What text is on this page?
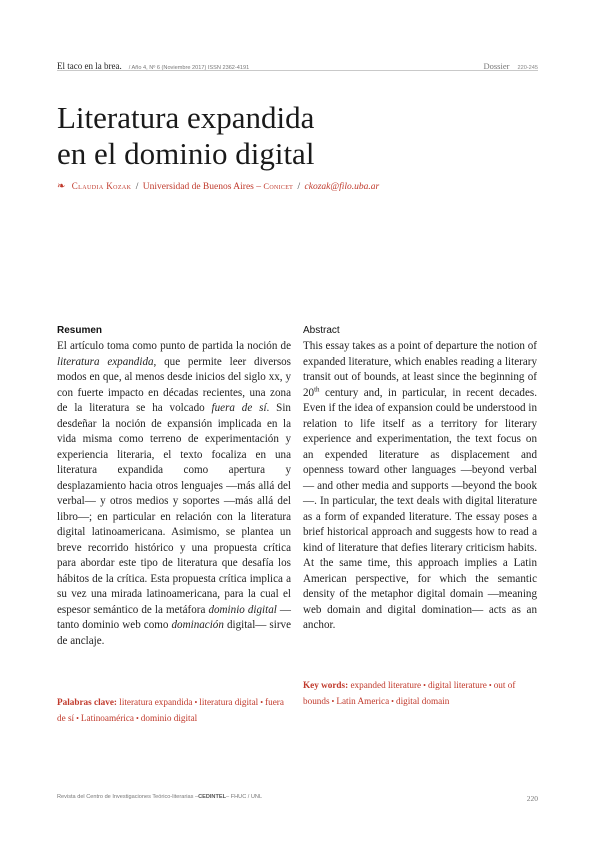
El taco en la brea. / Año 4, Nº 6 (Noviembre 2017) ISSN 2362-4191	Dossier 220-245
Literatura expandida
en el dominio digital
❧ Claudia Kozak / Universidad de Buenos Aires – Conicet / ckozak@filo.uba.ar
Resumen

El artículo toma como punto de partida la noción de literatura expandida, que permite leer diversos modos en que, al menos desde inicios del siglo xx, y con fuerte impacto en décadas recientes, una zona de la literatura se ha volcado fuera de sí. Sin desdeñar la noción de expansión implicada en la vida misma como terreno de experimentación y experiencia literaria, el texto focaliza en una literatura expandida como apertura y desplazamiento hacia otros lenguajes —más allá del verbal— y otros medios y soportes —más allá del libro—; en particular en relación con la literatura digital latinoamericana. Asimismo, se plantea un breve recorrido histórico y una propuesta crítica para abordar este tipo de literatura que desafía los hábitos de la crítica. Esta propuesta crítica implica a su vez una mirada latinoamericana, para la cual el espesor semántico de la metáfora dominio digital —tanto dominio web como dominación digital— sirve de anclaje.

Abstract

This essay takes as a point of departure the notion of expanded literature, which enables reading a literary transit out of bounds, at least since the beginning of 20th century and, in particular, in recent decades. Even if the idea of expansion could be understood in relation to life itself as a territory for literary experience and experimentation, the text focus on an expended literature as displacement and openness toward other languages —beyond verbal— and other media and supports —beyond the book—. In particular, the text deals with digital literature as a form of expanded literature. The essay poses a brief historical approach and suggests how to read a kind of literature that defies literary criticism habits. At the same time, this approach implies a Latin American perspective, for which the semantic density of the metaphor digital domain —meaning web domain and digital domination— acts as an anchor.

Palabras clave: literatura expandida • literatura digital • fuera de sí • Latinoamérica • dominio digital
Key words: expanded literature • digital literature • out of bounds • Latin America • digital domain
Revista del Centro de Investigaciones Teórico-literarias –CEDINTEL– FHUC / UNL	220
